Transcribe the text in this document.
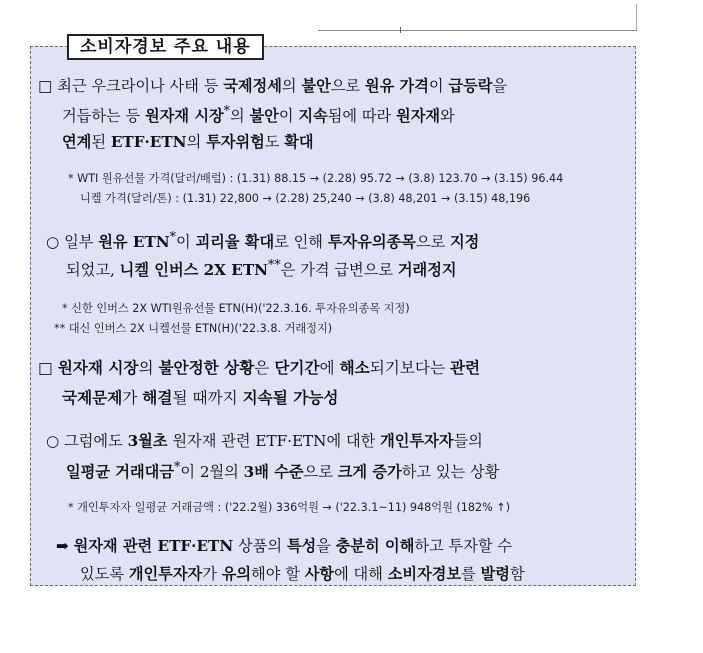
소비자경보 주요 내용
□ 최근 우크라이나 사태 등 국제정세의 불안으로 원유 가격이 급등락을
거듭하는 등 원자재 시장*의 불안이 지속됨에 따라 원자재와
연계된 ETF·ETN의 투자위험도 확대
* WTI 원유선물 가격(달러/배럴) : (1.31) 88.15 → (2.28) 95.72 → (3.8) 123.70 → (3.15) 96.44
니켈 가격(달러/톤) : (1.31) 22,800 → (2.28) 25,240 → (3.8) 48,201 → (3.15) 48,196
○ 일부 원유 ETN*이 괴리율 확대로 인해 투자유의종목으로 지정
되었고, 니켈 인버스 2X ETN**은 가격 급변으로 거래정지
* 신한 인버스 2X WTI원유선물 ETN(H)('22.3.16. 투자유의종목 지정)
** 대신 인버스 2X 니켈선물 ETN(H)('22.3.8. 거래정지)
□ 원자재 시장의 불안정한 상황은 단기간에 해소되기보다는 관련
국제문제가 해결될 때까지 지속될 가능성
○ 그럼에도 3월초 원자재 관련 ETF·ETN에 대한 개인투자자들의
일평균 거래대금*이 2월의 3배 수준으로 크게 증가하고 있는 상황
* 개인투자자 일평균 거래금액 : ('22.2월) 336억원 → ('22.3.1~11) 948억원 (182% ↑)
➡ 원자재 관련 ETF·ETN 상품의 특성을 충분히 이해하고 투자할 수
있도록 개인투자자가 유의해야 할 사항에 대해 소비자경보를 발령함
